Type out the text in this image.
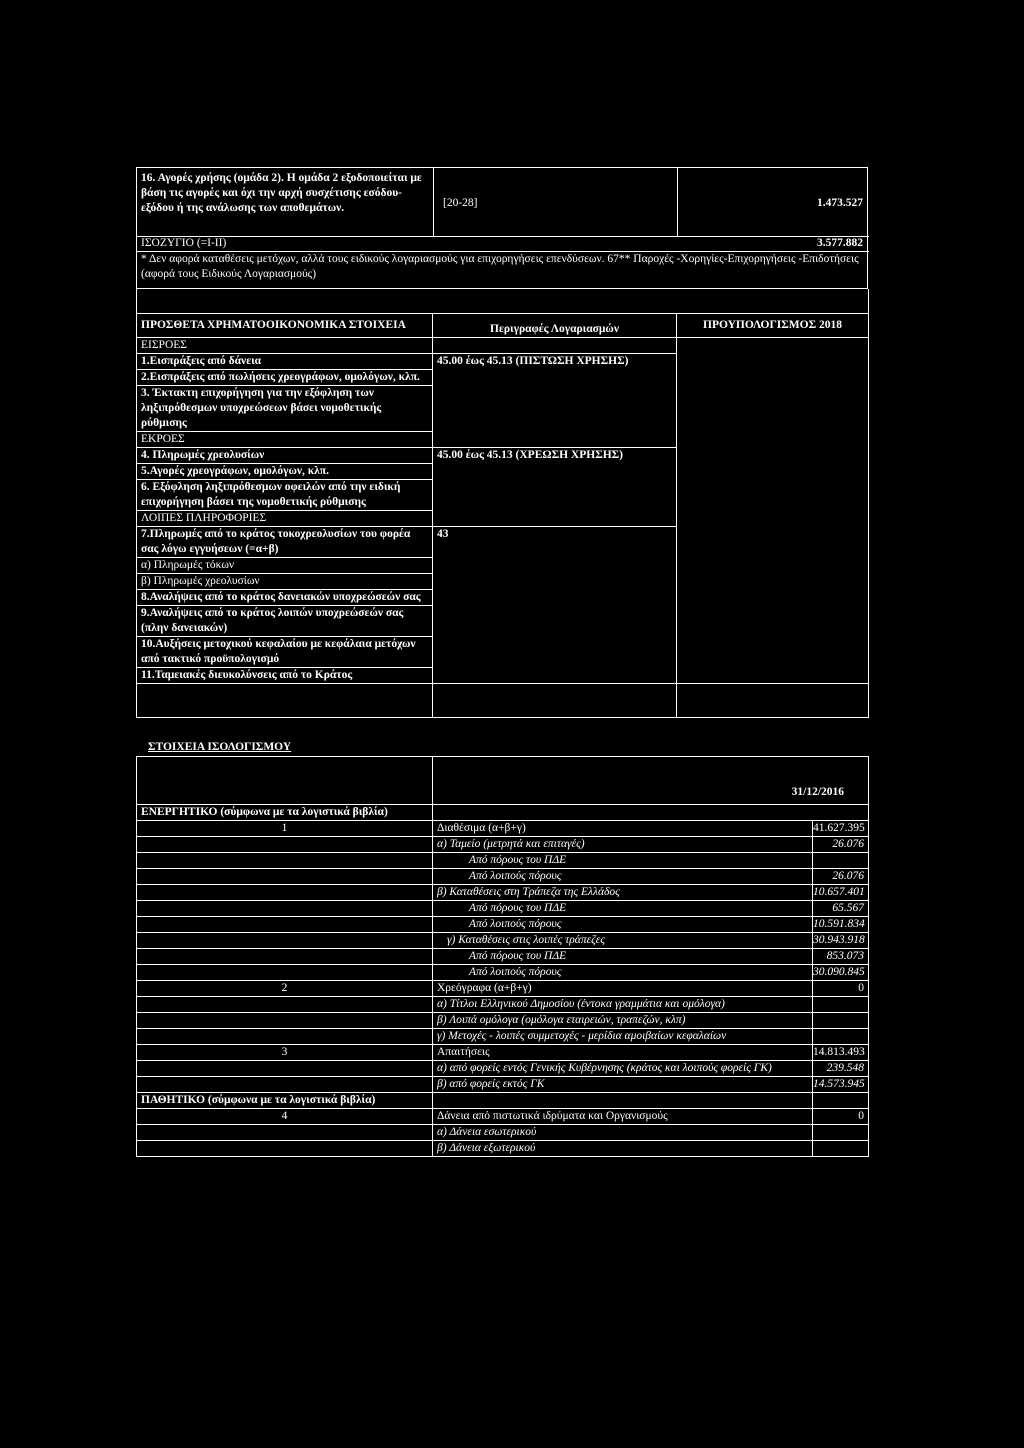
16. Αγορές χρήσης (ομάδα 2). Η ομάδα 2 εξοδοποιείται με βάση τις αγορές και όχι την αρχή συσχέτισης εσόδου-εξόδου ή της ανάλωσης των αποθεμάτων.	[20-28]	1.473.527
ΙΣΟΖΥΓΙΟ (=I-II)	3.577.882
* Δεν αφορά καταθέσεις μετόχων, αλλά τους ειδικούς λογαριασμούς για επιχορηγήσεις επενδύσεων. 67** Παροχές -Χορηγίες-Επιχορηγήσεις -Επιδοτήσεις (αφορά τους Ειδικούς Λογαριασμούς)

ΠΡΟΣΘΕΤΑ ΧΡΗΜΑΤΟΟΙΚΟΝΟΜΙΚΑ ΣΤΟΙΧΕΙΑ	Περιγραφές Λογαριασμών	ΠΡΟΥΠΟΛΟΓΙΣΜΟΣ 2018
ΕΙΣΡΟΕΣ		
1.Εισπράξεις από δάνεια	45.00 έως 45.13 (ΠΙΣΤΩΣΗ ΧΡΗΣΗΣ)	
2.Εισπράξεις από πωλήσεις χρεογράφων, ομολόγων, κλπ.		
3. Έκτακτη επιχορήγηση για την εξόφληση των ληξιπρόθεσμων υποχρεώσεων βάσει νομοθετικής ρύθμισης		
ΕΚΡΟΕΣ		
4. Πληρωμές χρεολυσίων	45.00 έως 45.13 (ΧΡΕΩΣΗ ΧΡΗΣΗΣ)	
5.Αγορές χρεογράφων, ομολόγων, κλπ.		
6. Εξόφληση ληξιπρόθεσμων οφειλών από την ειδική επιχορήγηση βάσει της νομοθετικής ρύθμισης		
ΛΟΙΠΕΣ ΠΛΗΡΟΦΟΡΙΕΣ		
7.Πληρωμές από το κράτος τοκοχρεολυσίων του φορέα σας λόγω εγγυήσεων (=α+β)	43	
α) Πληρωμές τόκων		
β) Πληρωμές χρεολυσίων		
8.Αναλήψεις από το κράτος δανειακών υποχρεώσεών σας		
9.Αναλήψεις από το κράτος λοιπών υποχρεώσεών σας (πλην δανειακών)		
10.Αυξήσεις μετοχικού κεφαλαίου με κεφάλαια μετόχων από τακτικό προϋπολογισμό		
11.Ταμειακές διευκολύνσεις από το Κράτος		

ΣΤΟΙΧΕΙΑ ΙΣΟΛΟΓΙΣΜΟΥ
	31/12/2016	
ΕΝΕΡΓΗΤΙΚΟ (σύμφωνα με τα λογιστικά βιβλία)		
1	Διαθέσιμα (α+β+γ)	41.627.395
	α) Ταμείο (μετρητά και επιταγές)	26.076
	Από πόρους του ΠΔΕ	
	Από λοιπούς πόρους	26.076
	β) Καταθέσεις στη Τράπεζα της Ελλάδος	10.657.401
	Από πόρους του ΠΔΕ	65.567
	Από λοιπούς πόρους	10.591.834
	γ) Καταθέσεις στις λοιπές τράπεζες	30.943.918
	Από πόρους του ΠΔΕ	853.073
	Από λοιπούς πόρους	30.090.845
2	Χρεόγραφα (α+β+γ)	0
	α) Τίτλοι Ελληνικού Δημοσίου (έντοκα γραμμάτια και ομόλογα)	
	β) Λοιπά ομόλογα (ομόλογα εταιρειών, τραπεζών, κλπ)	
	γ) Μετοχές - λοιπές συμμετοχές - μερίδια αμοιβαίων κεφαλαίων	
3	Απαιτήσεις	14.813.493
	α) από φορείς εντός Γενικής Κυβέρνησης (κράτος και λοιπούς φορείς ΓΚ)	239.548
	β) από φορείς εκτός ΓΚ	14.573.945
ΠΑΘΗΤΙΚΟ (σύμφωνα με τα λογιστικά βιβλία)		
4	Δάνεια από πιστωτικά ιδρύματα και Οργανισμούς	0
	α) Δάνεια εσωτερικού	
	β) Δάνεια εξωτερικού	
